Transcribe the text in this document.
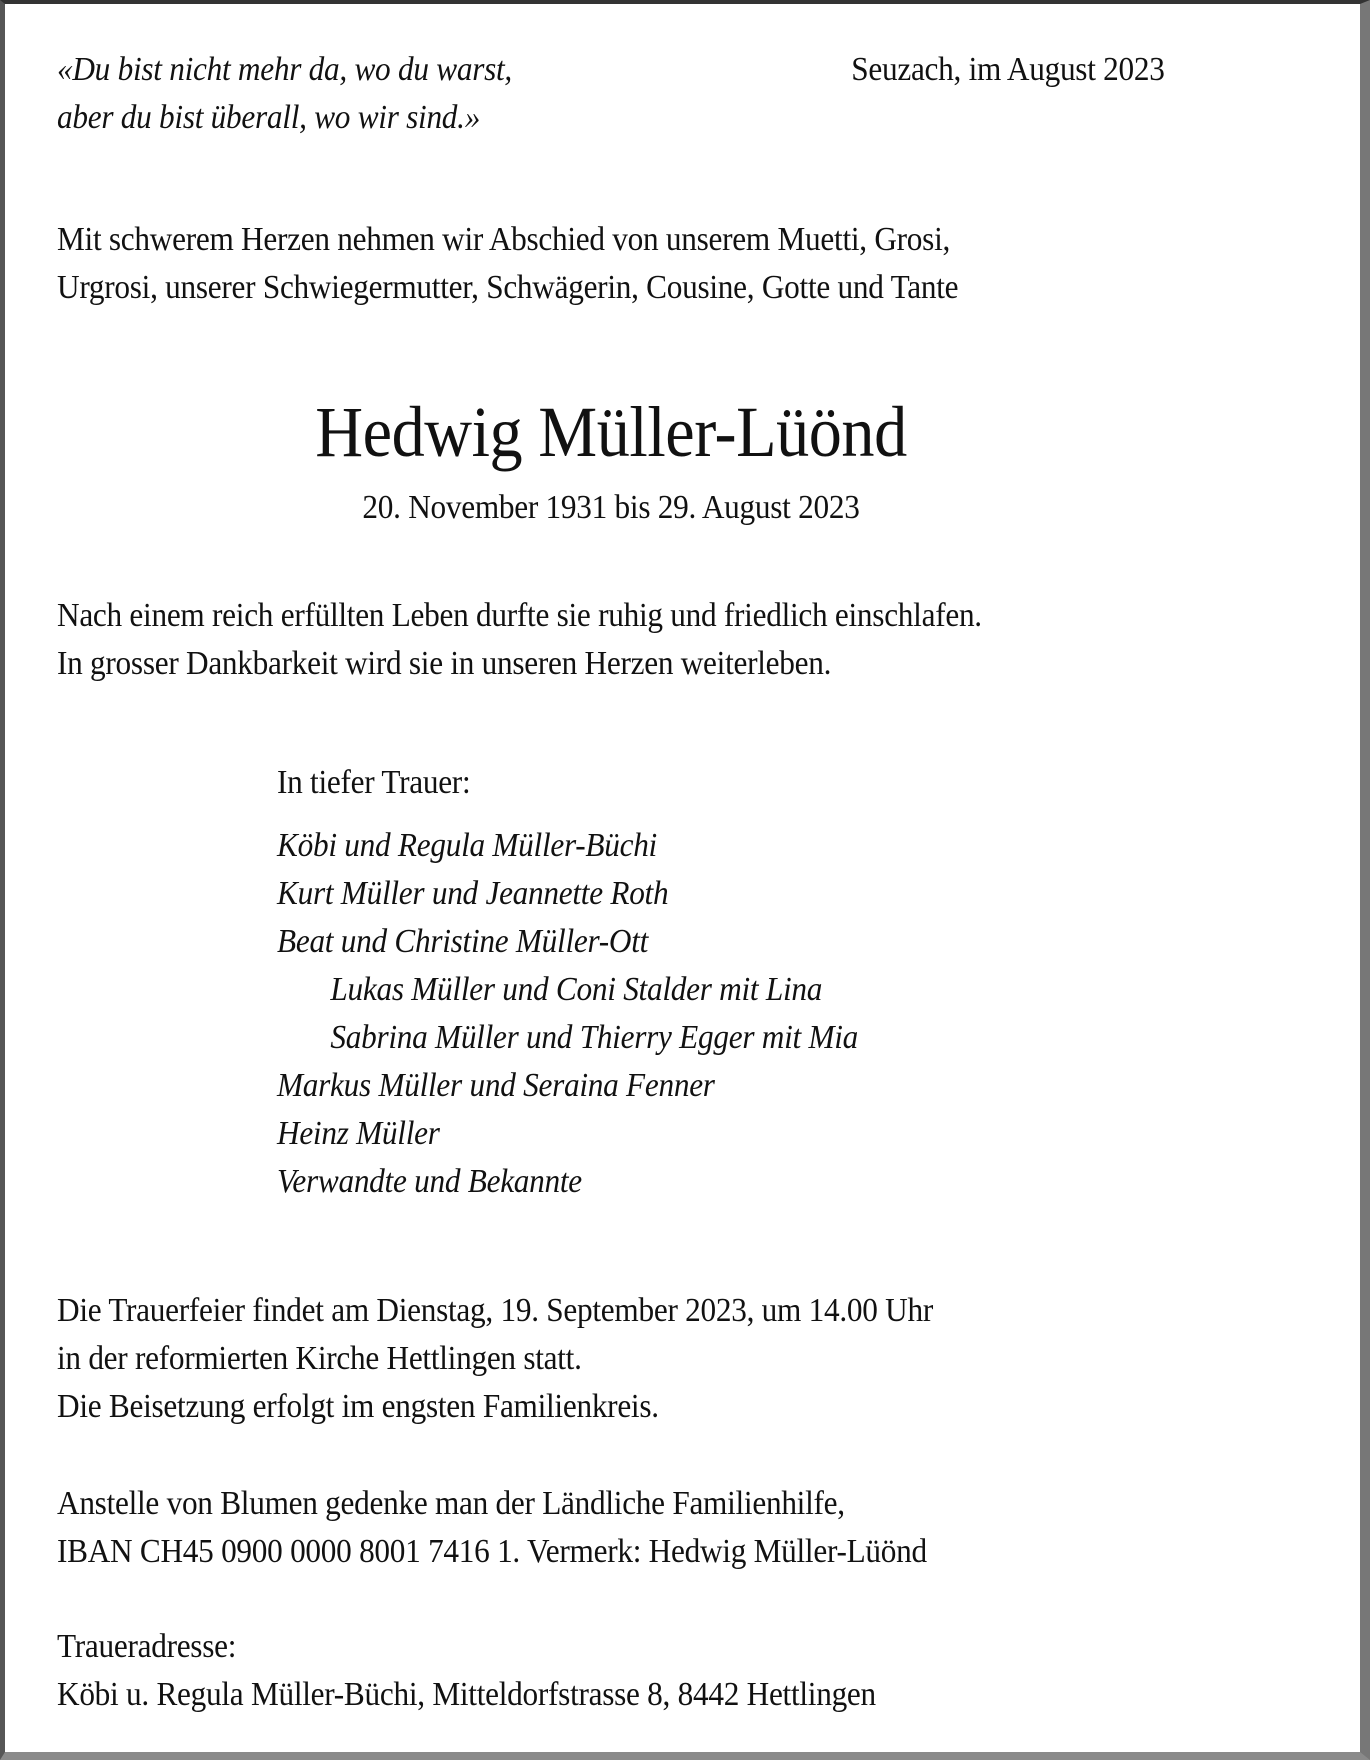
«Du bist nicht mehr da, wo du warst,
aber du bist überall, wo wir sind.»
Seuzach, im August 2023
Mit schwerem Herzen nehmen wir Abschied von unserem Muetti, Grosi,
Urgrosi, unserer Schwiegermutter, Schwägerin, Cousine, Gotte und Tante
Hedwig Müller-Lüönd
20. November 1931 bis 29. August 2023
Nach einem reich erfüllten Leben durfte sie ruhig und friedlich einschlafen.
In grosser Dankbarkeit wird sie in unseren Herzen weiterleben.
In tiefer Trauer:
Köbi und Regula Müller-Büchi
Kurt Müller und Jeannette Roth
Beat und Christine Müller-Ott
Lukas Müller und Coni Stalder mit Lina
Sabrina Müller und Thierry Egger mit Mia
Markus Müller und Seraina Fenner
Heinz Müller
Verwandte und Bekannte
Die Trauerfeier findet am Dienstag, 19. September 2023, um 14.00 Uhr
in der reformierten Kirche Hettlingen statt.
Die Beisetzung erfolgt im engsten Familienkreis.
Anstelle von Blumen gedenke man der Ländliche Familienhilfe,
IBAN CH45 0900 0000 8001 7416 1. Vermerk: Hedwig Müller-Lüönd
Traueradresse:
Köbi u. Regula Müller-Büchi, Mitteldorfstrasse 8, 8442 Hettlingen
